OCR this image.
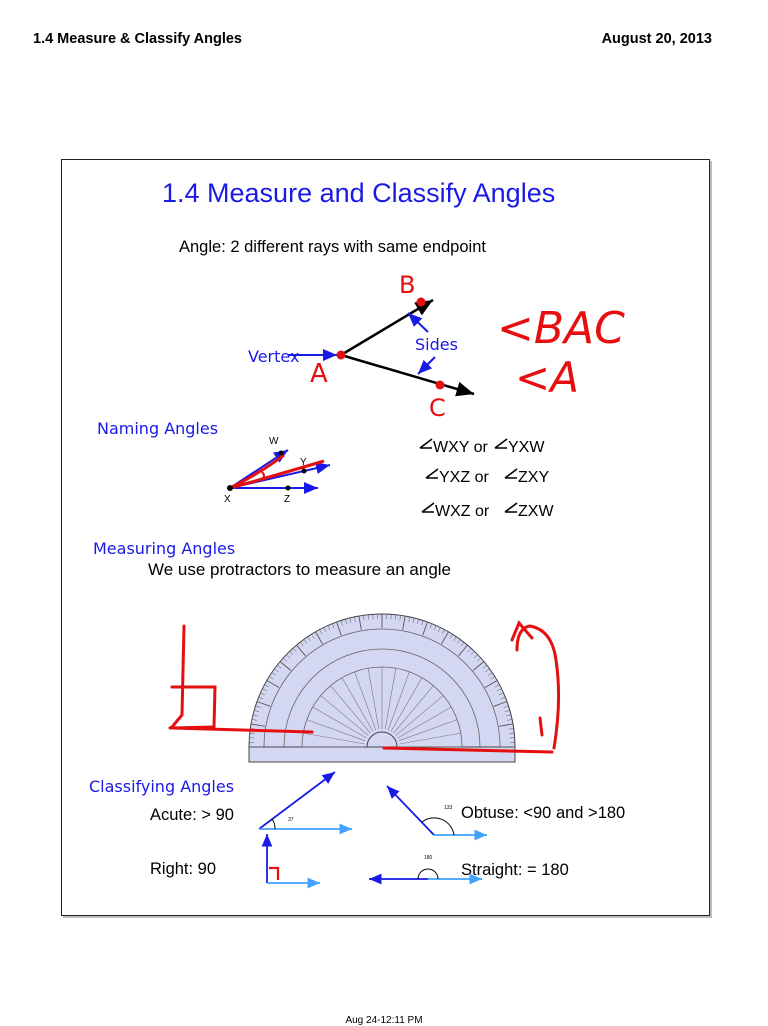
1.4 Measure & Classify Angles	August 20, 2013
1.4 Measure and Classify Angles
Angle: 2 different rays with same endpoint
Vertex
Sides
A
B
C
<BAC
<A
Naming Angles
W
Y
X	Z
WXY or YXW
YXZ or ZXY
WXZ or ZXW
Measuring Angles
We use protractors to measure an angle
Classifying Angles
Acute: > 90	Obtuse: <90 and >180
Right: 90	Straight: = 180
37
133
180
Aug 24-12:11 PM
